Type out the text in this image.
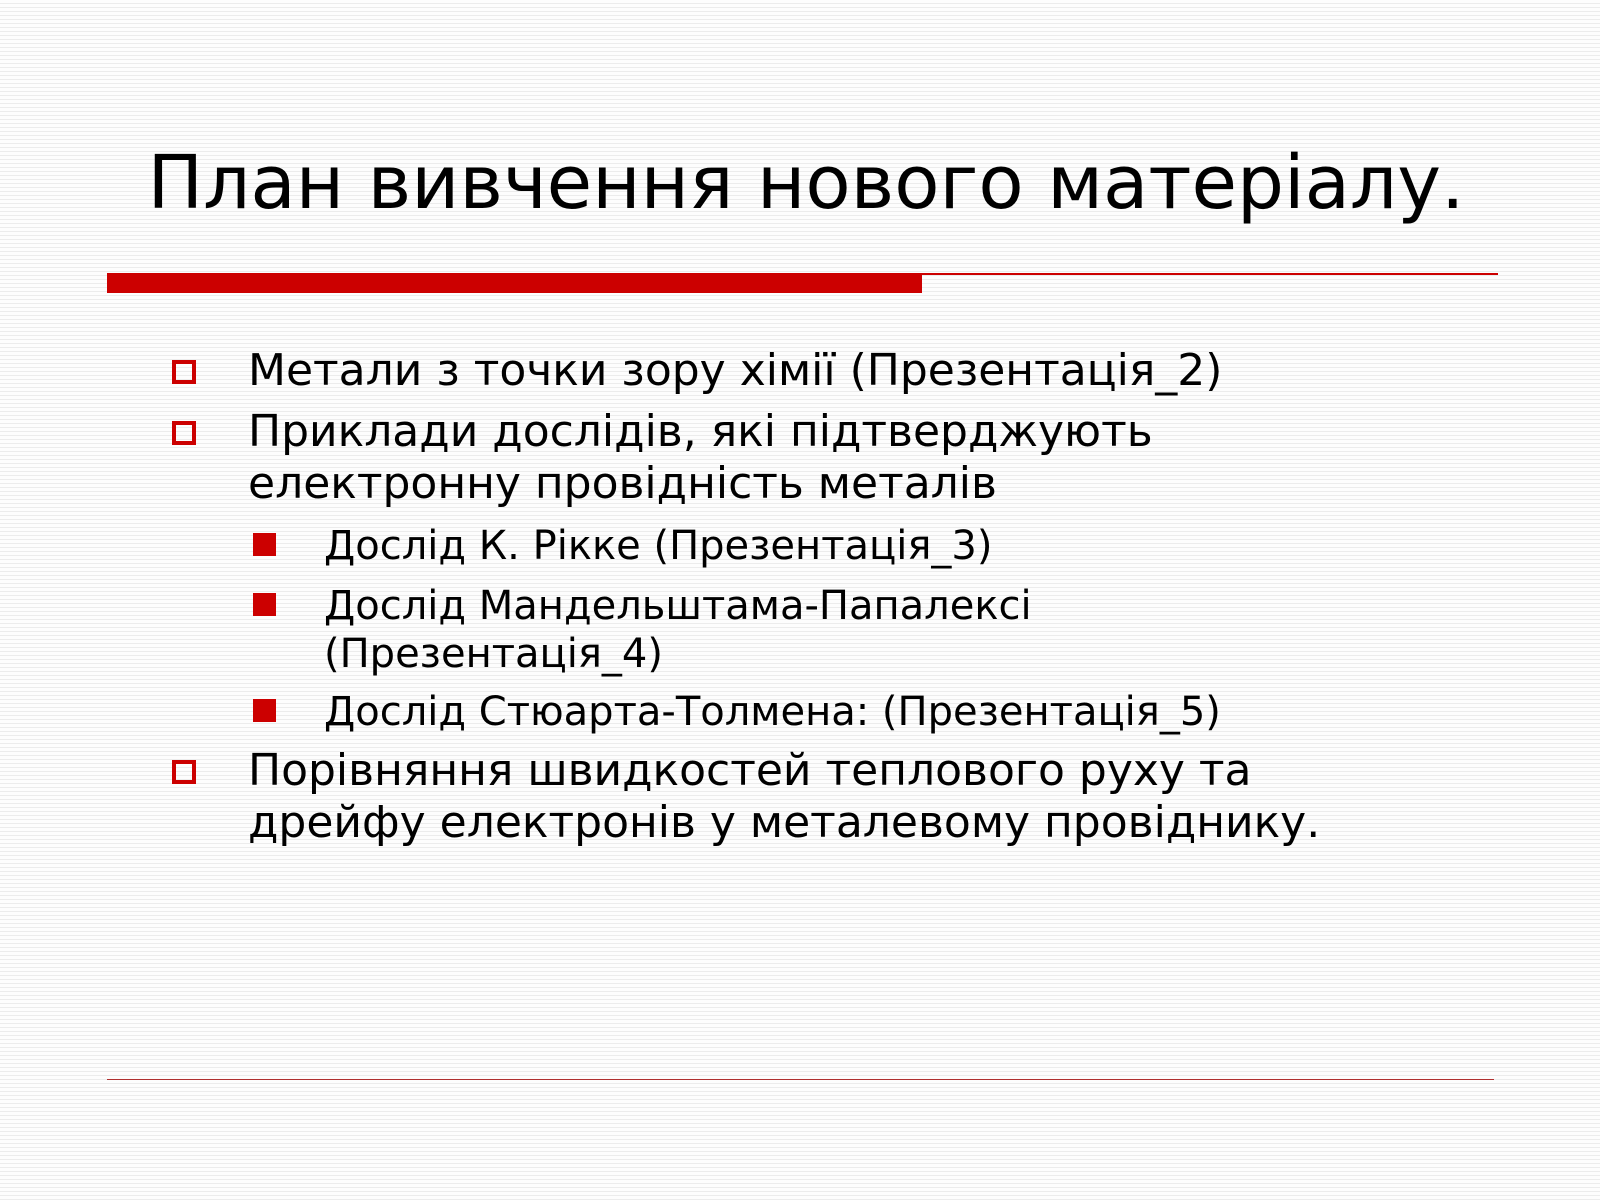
План вивчення нового матеріалу.
Метали з точки зору хімії (Презентація_2)
Приклади дослідів, які підтверджують
електронну провідність металів
Дослід К. Рікке (Презентація_3)
Дослід Мандельштама-Папалексі
(Презентація_4)
Дослід Стюарта-Толмена: (Презентація_5)
Порівняння швидкостей теплового руху та
дрейфу електронів у металевому провіднику.
